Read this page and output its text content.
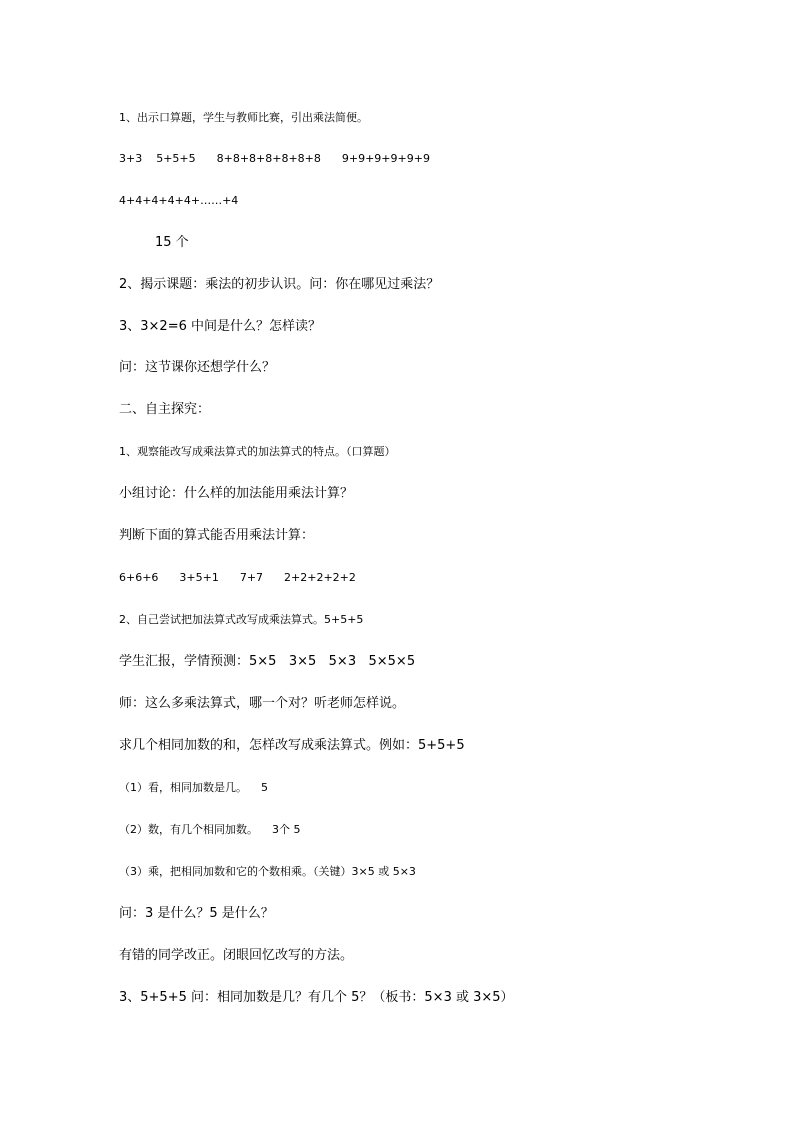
1、出示口算题，学生与教师比赛，引出乘法简便。

3+3    5+5+5      8+8+8+8+8+8+8      9+9+9+9+9+9

4+4+4+4+4+……+4

15 个

2、揭示课题：乘法的初步认识。问：你在哪见过乘法？

3、3×2=6 中间是什么？怎样读？

问：这节课你还想学什么？

二、自主探究：

1、观察能改写成乘法算式的加法算式的特点。（口算题）

小组讨论：什么样的加法能用乘法计算？

判断下面的算式能否用乘法计算：

6+6+6      3+5+1      7+7      2+2+2+2+2

2、自己尝试把加法算式改写成乘法算式。5+5+5

学生汇报，学情预测：5×5   3×5   5×3   5×5×5

师：这么多乘法算式，哪一个对？听老师怎样说。

求几个相同加数的和，怎样改写成乘法算式。例如：5+5+5

（1）看，相同加数是几。    5

（2）数，有几个相同加数。    3个 5

（3）乘，把相同加数和它的个数相乘。（关键）3×5 或 5×3

问：3 是什么？5 是什么？

有错的同学改正。闭眼回忆改写的方法。

3、5+5+5 问：相同加数是几？有几个 5？（板书：5×3 或 3×5）
